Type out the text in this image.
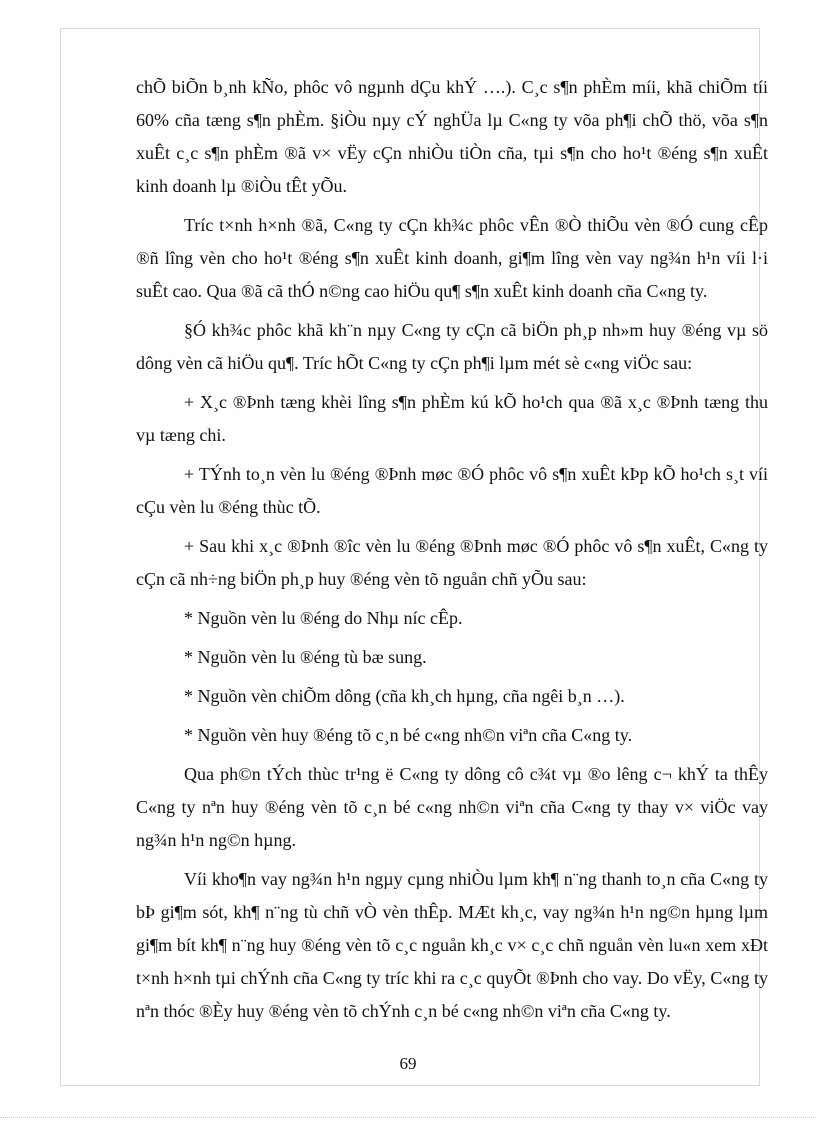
chÕ biÕn b¸nh kÑo, phôc vô ngµnh dÇu khÝ ….). C¸c s¶n phÈm míi, khã chiÕm tíi 60% cña tæng s¶n phÈm. §iÒu nµy cÝ nghÜa lµ C«ng ty võa ph¶i chÕ thö, võa s¶n xuÊt c¸c s¶n phÈm ®ã v× vËy cÇn nhiÒu tiÒn cña, tµi s¶n cho ho¹t ®éng s¶n xuÊt kinh doanh lµ ®iÒu tÊt yÕu.

Tríc t×nh h×nh ®ã, C«ng ty cÇn kh¾c phôc vÊn ®Ò thiÕu vèn ®Ó cung cÊp ®ñ lîng vèn cho ho¹t ®éng s¶n xuÊt kinh doanh, gi¶m lîng vèn vay ng¾n h¹n víi l·i suÊt cao. Qua ®ã cã thÓ n©ng cao hiÖu qu¶ s¶n xuÊt kinh doanh cña C«ng ty.

§Ó kh¾c phôc khã kh¨n nµy C«ng ty cÇn cã biÖn ph¸p nh»m huy ®éng vµ sö dông vèn cã hiÖu qu¶. Tríc hÕt C«ng ty cÇn ph¶i lµm mét sè c«ng viÖc sau:

+ X¸c ®Þnh tæng khèi lîng s¶n phÈm kú kÕ ho¹ch qua ®ã x¸c ®Þnh tæng thu vµ tæng chi.

+ TÝnh to¸n vèn lu ®éng ®Þnh møc ®Ó phôc vô s¶n xuÊt kÞp kÕ ho¹ch s¸t víi cÇu vèn lu ®éng thùc tÕ.

+ Sau khi x¸c ®Þnh ®îc vèn lu ®éng ®Þnh møc ®Ó phôc vô s¶n xuÊt, C«ng ty cÇn cã nh÷ng biÖn ph¸p huy ®éng vèn tõ nguån chñ yÕu sau:

* Nguồn vèn lu ®éng do Nhµ níc cÊp.

* Nguồn vèn lu ®éng tù bæ sung.

* Nguồn vèn chiÕm dông (cña kh¸ch hµng, cña ngêi b¸n …).

* Nguồn vèn huy ®éng tõ c¸n bé c«ng nh©n viªn cña C«ng ty.

Qua ph©n tÝch thùc tr¹ng ë C«ng ty dông cô c¾t vµ ®o lêng c¬ khÝ ta thÊy C«ng ty nªn huy ®éng vèn tõ c¸n bé c«ng nh©n viªn cña C«ng ty thay v× viÖc vay ng¾n h¹n ng©n hµng.

Víi kho¶n vay ng¾n h¹n ngµy cµng nhiÒu lµm kh¶ n¨ng thanh to¸n cña C«ng ty bÞ gi¶m sót, kh¶ n¨ng tù chñ vÒ vèn thÊp. MÆt kh¸c, vay ng¾n h¹n ng©n hµng lµm gi¶m bít kh¶ n¨ng huy ®éng vèn tõ c¸c nguån kh¸c v× c¸c chñ nguån vèn lu«n xem xÐt t×nh h×nh tµi chÝnh cña C«ng ty tríc khi ra c¸c quyÕt ®Þnh cho vay. Do vËy, C«ng ty nªn thóc ®Èy huy ®éng vèn tõ chÝnh c¸n bé c«ng nh©n viªn cña C«ng ty.

69
